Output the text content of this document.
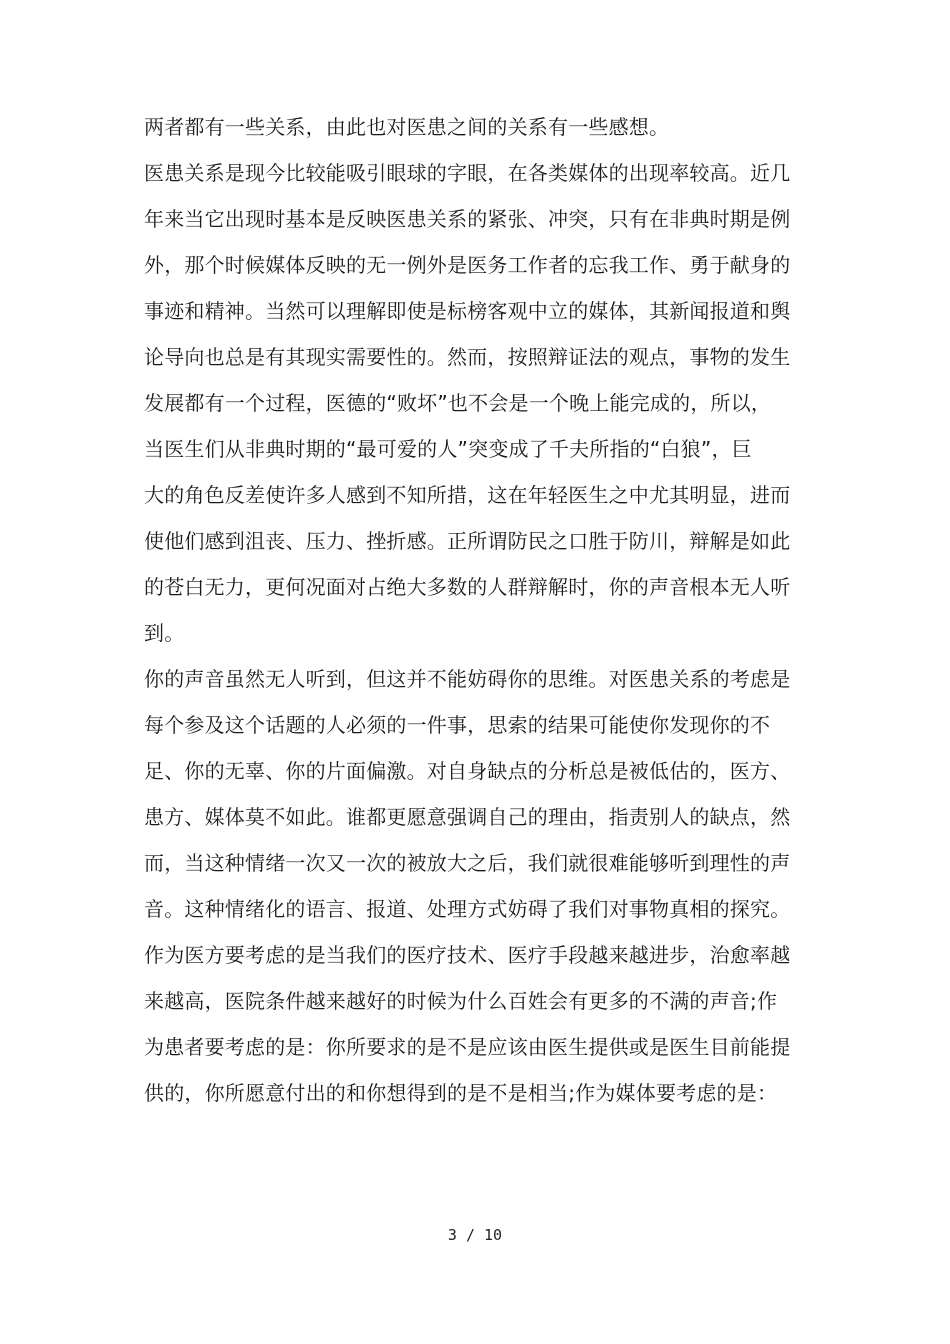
两者都有一些关系，由此也对医患之间的关系有一些感想。
医患关系是现今比较能吸引眼球的字眼，在各类媒体的出现率较高。近几
年来当它出现时基本是反映医患关系的紧张、冲突，只有在非典时期是例
外，那个时候媒体反映的无一例外是医务工作者的忘我工作、勇于献身的
事迹和精神。当然可以理解即使是标榜客观中立的媒体，其新闻报道和舆
论导向也总是有其现实需要性的。然而，按照辩证法的观点，事物的发生
发展都有一个过程，医德的“败坏”也不会是一个晚上能完成的，所以，
当医生们从非典时期的“最可爱的人”突变成了千夫所指的“白狼”，巨
大的角色反差使许多人感到不知所措，这在年轻医生之中尤其明显，进而
使他们感到沮丧、压力、挫折感。正所谓防民之口胜于防川，辩解是如此
的苍白无力，更何况面对占绝大多数的人群辩解时，你的声音根本无人听
到。
你的声音虽然无人听到，但这并不能妨碍你的思维。对医患关系的考虑是
每个参及这个话题的人必须的一件事，思索的结果可能使你发现你的不
足、你的无辜、你的片面偏激。对自身缺点的分析总是被低估的，医方、
患方、媒体莫不如此。谁都更愿意强调自己的理由，指责别人的缺点，然
而，当这种情绪一次又一次的被放大之后，我们就很难能够听到理性的声
音。这种情绪化的语言、报道、处理方式妨碍了我们对事物真相的探究。
作为医方要考虑的是当我们的医疗技术、医疗手段越来越进步，治愈率越
来越高，医院条件越来越好的时候为什么百姓会有更多的不满的声音;作
为患者要考虑的是：你所要求的是不是应该由医生提供或是医生目前能提
供的，你所愿意付出的和你想得到的是不是相当;作为媒体要考虑的是：
3 / 10
